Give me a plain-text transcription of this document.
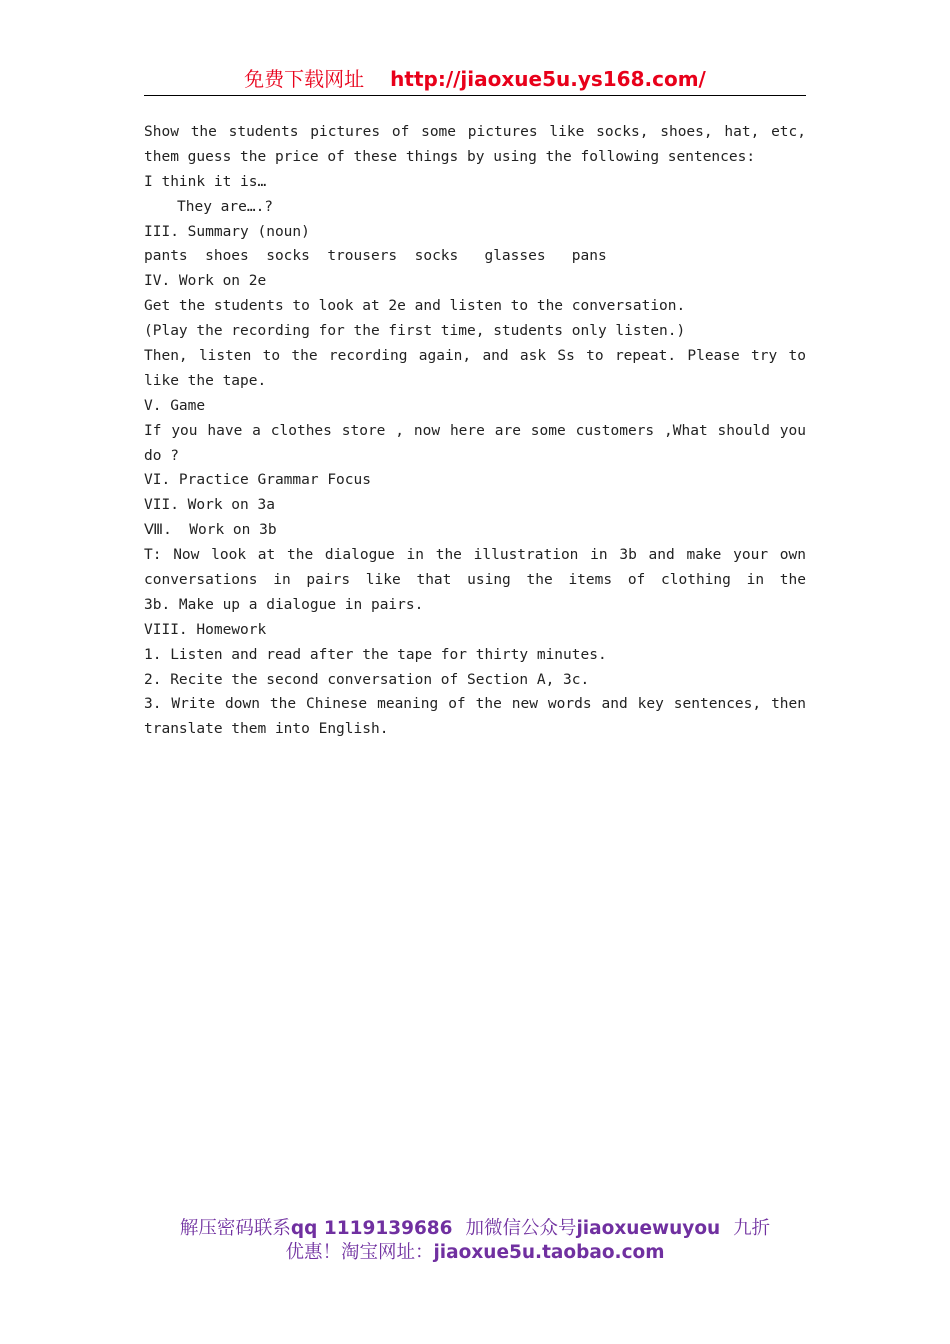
免费下载网址 http://jiaoxue5u.ys168.com/
Show the students pictures of some pictures like socks, shoes, hat, etc,
them guess the price of these things by using the following sentences:
I think it is…
They are….?
III. Summary (noun)
pants  shoes  socks  trousers  socks   glasses   pans
IV. Work on 2e
Get the students to look at 2e and listen to the conversation.
(Play the recording for the first time, students only listen.)
Then, listen to the recording again, and ask Ss to repeat. Please try to
like the tape.
V. Game
If you have a clothes store , now here are some customers ,What should you
do ?
VI. Practice Grammar Focus
VII. Work on 3a
Ⅷ.  Work on 3b
T: Now look at the dialogue in the illustration in 3b and make your own
conversations in pairs like that using the items of clothing in the
3b. Make up a dialogue in pairs.
VIII. Homework
1. Listen and read after the tape for thirty minutes.
2. Recite the second conversation of Section A, 3c.
3. Write down the Chinese meaning of the new words and key sentences, then
translate them into English.
解压密码联系qq 1119139686 加微信公众号jiaoxuewuyou 九折
优惠！淘宝网址：jiaoxue5u.taobao.com
